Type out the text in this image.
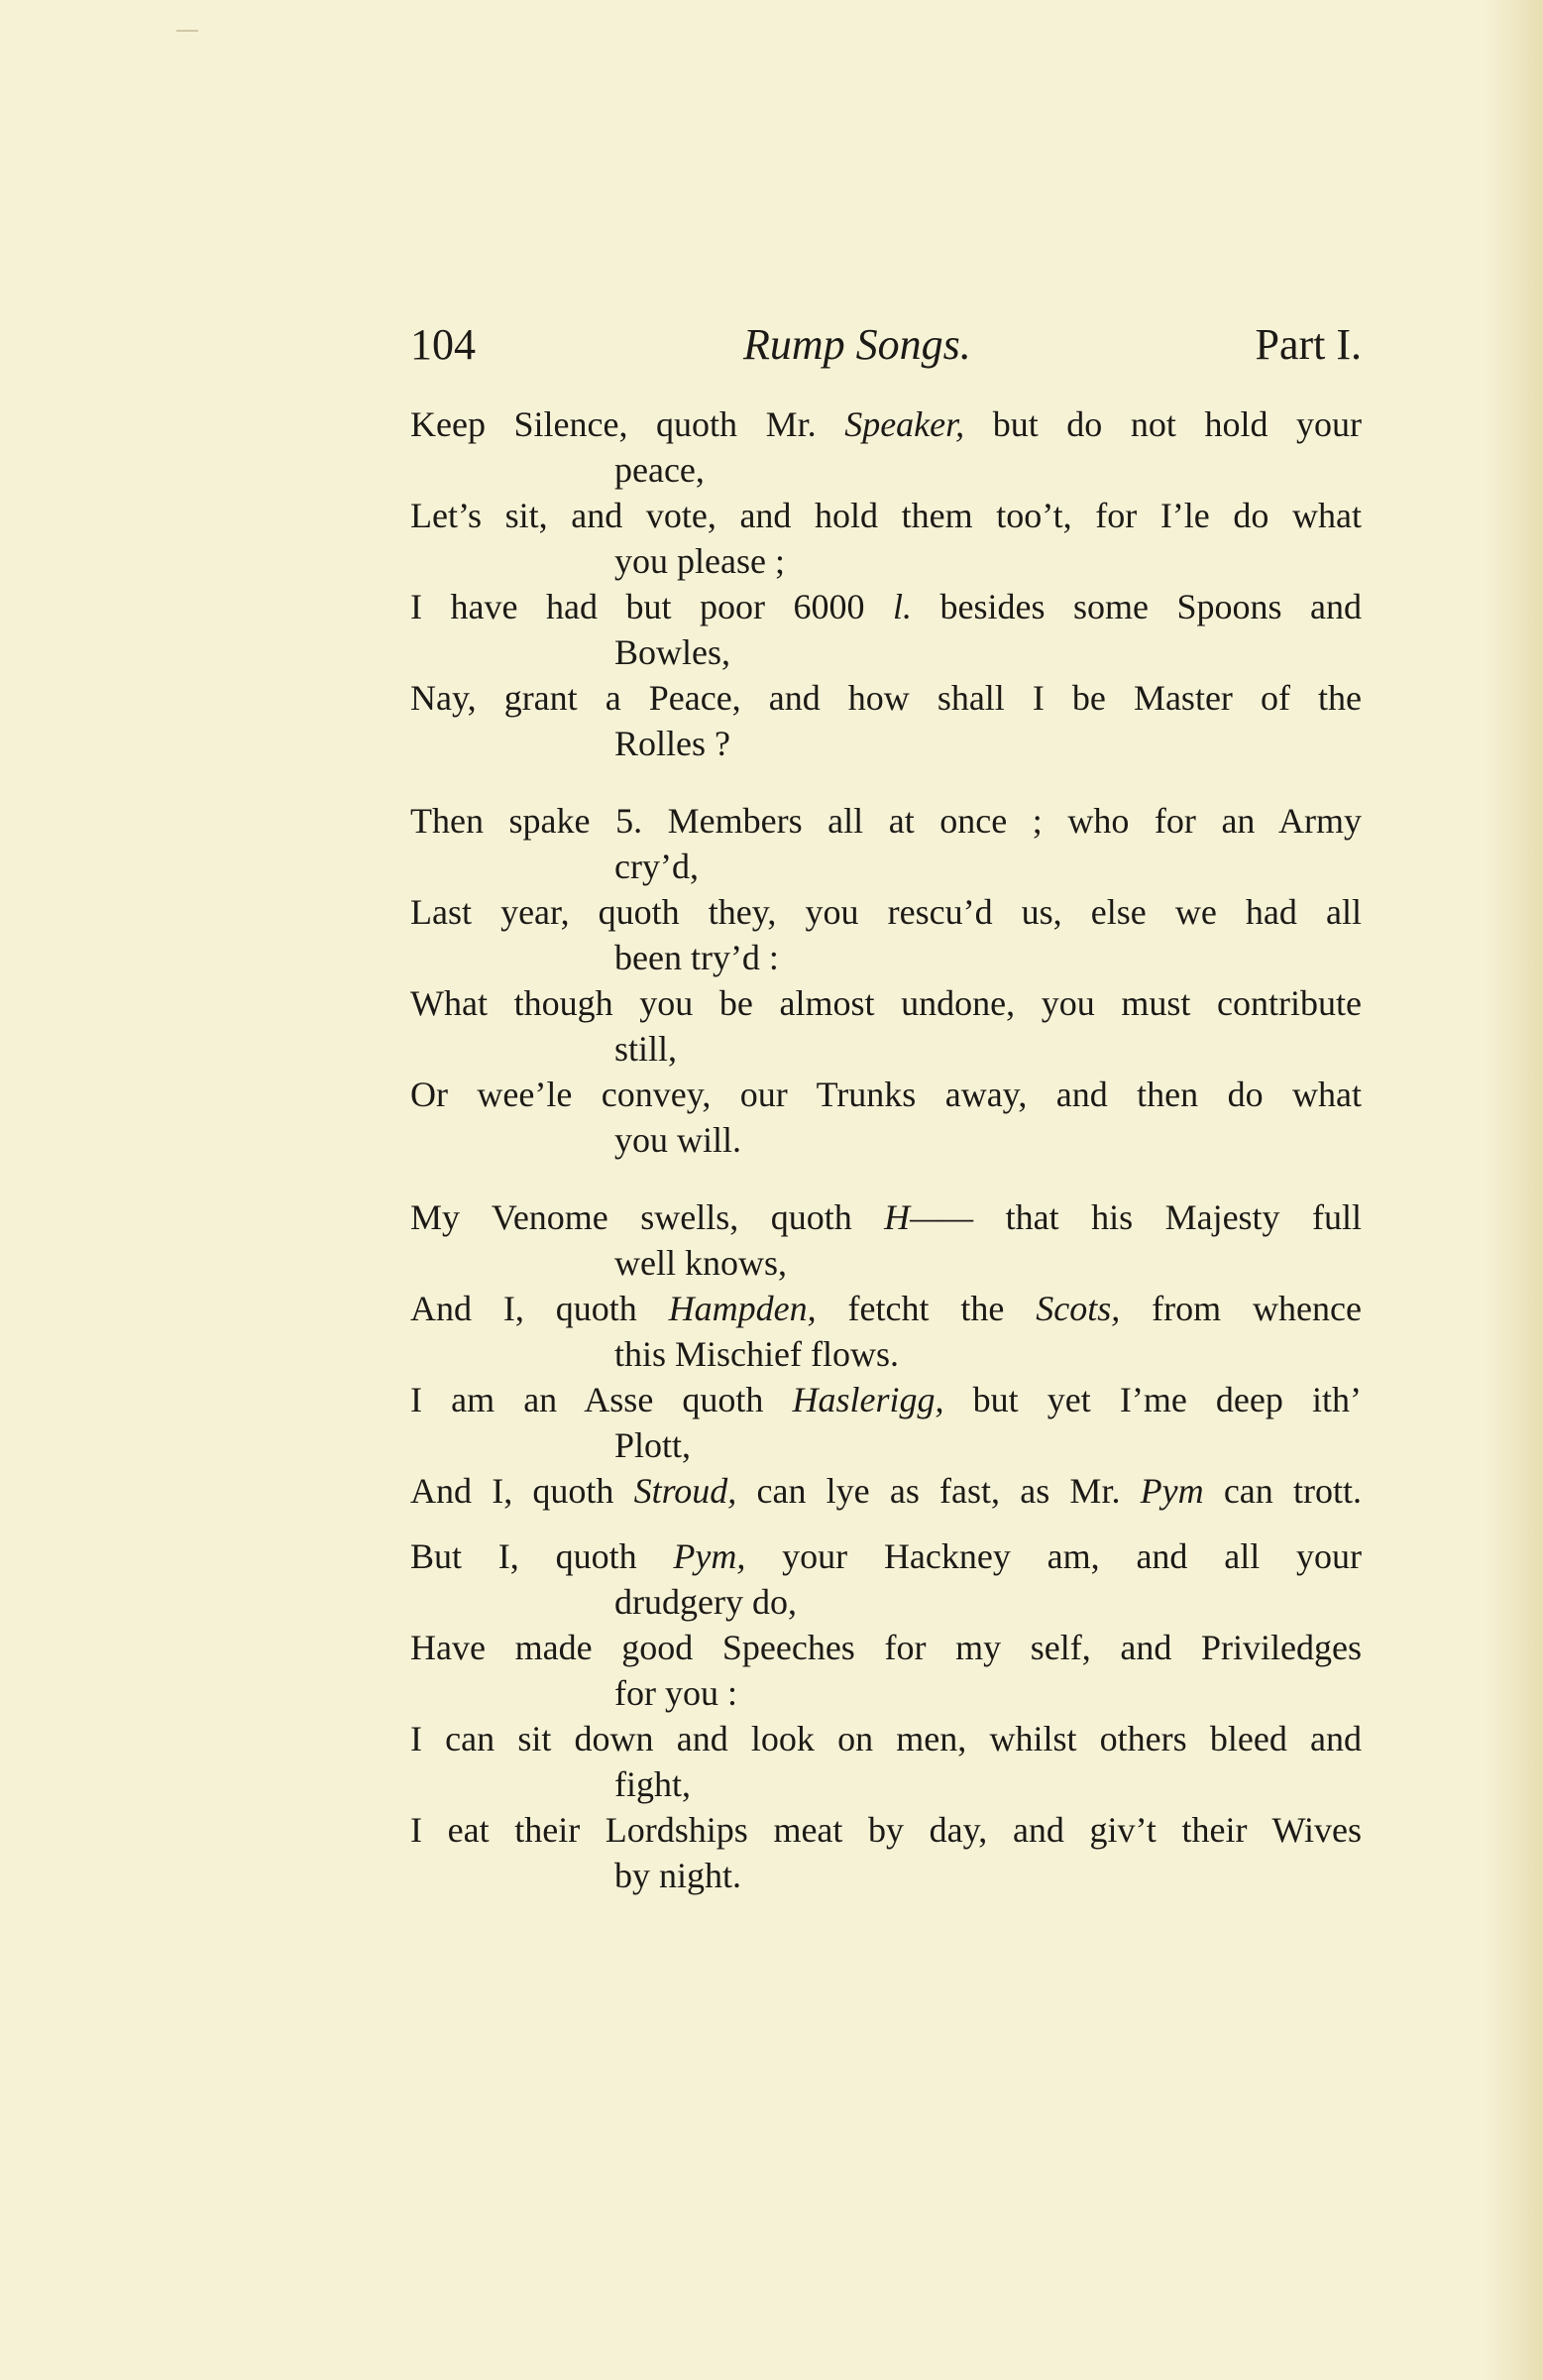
104	Rump Songs.	Part I.
Keep Silence, quoth Mr. Speaker, but do not hold your
peace,
Let’s sit, and vote, and hold them too’t, for I’le do what
you please ;
I have had but poor 6000 l. besides some Spoons and
Bowles,
Nay, grant a Peace, and how shall I be Master of the
Rolles ?
Then spake 5. Members all at once ; who for an Army
cry’d,
Last year, quoth they, you rescu’d us, else we had all
been try’d :
What though you be almost undone, you must contribute
still,
Or wee’le convey, our Trunks away, and then do what
you will.
My Venome swells, quoth H—— that his Majesty full
well knows,
And I, quoth Hampden, fetcht the Scots, from whence
this Mischief flows.
I am an Asse quoth Haslerigg, but yet I’me deep ith’
Plott,
And I, quoth Stroud, can lye as fast, as Mr. Pym can trott.
But I, quoth Pym, your Hackney am, and all your
drudgery do,
Have made good Speeches for my self, and Priviledges
for you :
I can sit down and look on men, whilst others bleed and
fight,
I eat their Lordships meat by day, and giv’t their Wives
by night.
